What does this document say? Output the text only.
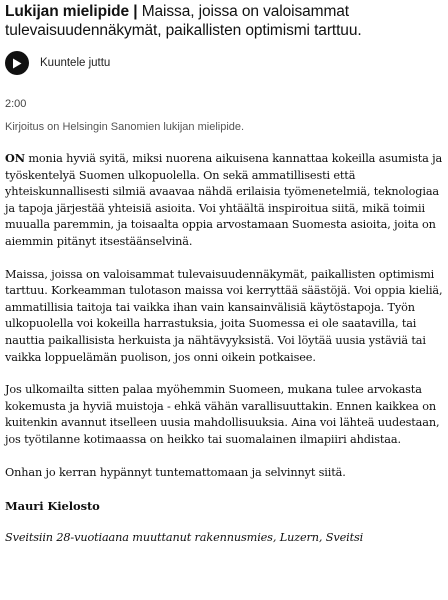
Lukijan mielipide | Maissa, joissa on valoisammat tulevaisuudennäkymät, paikallisten optimismi tarttuu.
Kuuntele juttu
2:00
Kirjoitus on Helsingin Sanomien lukijan mielipide.

ON monia hyviä syitä, miksi nuorena aikuisena kannattaa kokeilla asumista ja työskentelyä Suomen ulkopuolella. On sekä ammatillisesti että yhteiskunnallisesti silmiä avaavaa nähdä erilaisia työmenetelmiä, teknologiaa ja tapoja järjestää yhteisiä asioita. Voi yhtäältä inspiroitua siitä, mikä toimii muualla paremmin, ja toisaalta oppia arvostamaan Suomesta asioita, joita on aiemmin pitänyt itsestäänselvinä.

Maissa, joissa on valoisammat tulevaisuudennäkymät, paikallisten optimismi tarttuu. Korkeamman tulotason maissa voi kerryttää säästöjä. Voi oppia kieliä, ammatillisia taitoja tai vaikka ihan vain kansainvälisiä käytöstapoja. Työn ulkopuolella voi kokeilla harrastuksia, joita Suomessa ei ole saatavilla, tai nauttia paikallisista herkuista ja nähtävyyksistä. Voi löytää uusia ystäviä tai vaikka loppuelämän puolison, jos onni oikein potkaisee.

Jos ulkomailta sitten palaa myöhemmin Suomeen, mukana tulee arvokasta kokemusta ja hyviä muistoja - ehkä vähän varallisuuttakin. Ennen kaikkea on kuitenkin avannut itselleen uusia mahdollisuuksia. Aina voi lähteä uudestaan, jos työtilanne kotimaassa on heikko tai suomalainen ilmapiiri ahdistaa.

Onhan jo kerran hypännyt tuntemattomaan ja selvinnyt siitä.

Mauri Kielosto
Sveitsiin 28-vuotiaana muuttanut rakennusmies, Luzern, Sveitsi
